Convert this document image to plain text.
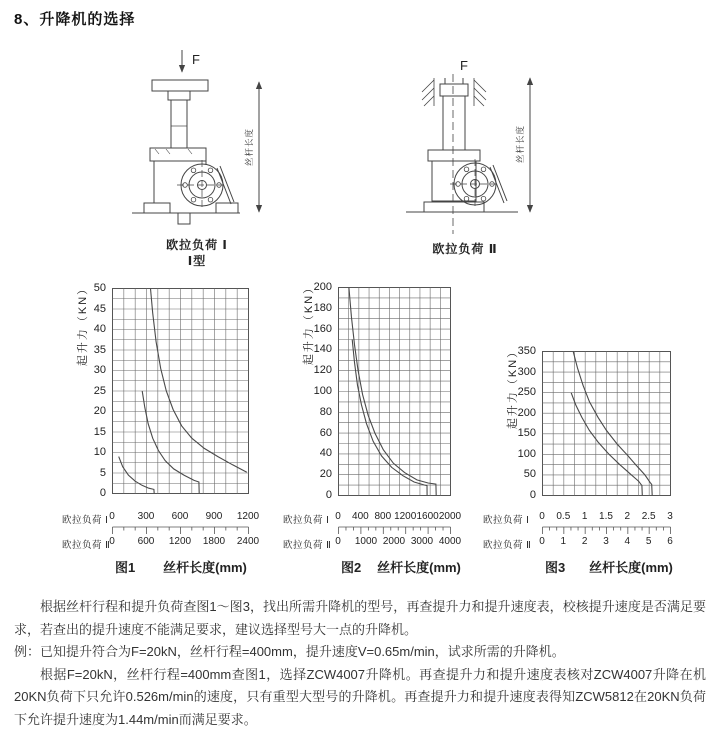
8、升降机的选择
F
丝杆长度
F
丝杆长度
欧拉负荷 Ⅰ
Ⅰ型
欧拉负荷 Ⅱ
起升力（KN）
0
5
10
15
20
25
30
35
40
45
50
欧拉负荷 Ⅰ 0	300	600	900	1200
欧拉负荷 Ⅱ
0	600	1200	1800	2400
图1	丝杆长度(mm)
起升力（KN）
0
20
40
60
80
100
120
140
160
180
200
欧拉负荷 Ⅰ 0	400 800 1200 1600 2000
欧拉负荷 Ⅱ 0	1000 2000 3000 4000
图2	丝杆长度(mm)
起升力（KN）
0
50
100
150
200
250
300
350
欧拉负荷 Ⅰ 0	0.5	1	1.5	2	2.5	3
欧拉负荷 Ⅱ 0	1	2	3	4	5	6
图3	丝杆长度(mm)

根据丝杆行程和提升负荷查图1～图3，找出所需升降机的型号，再查提升力和提升速度表，校核提升速度是否满足要求，若查出的提升速度不能满足要求，建议选择型号大一点的升降机。

例：已知提升符合为F=20kN，丝杆行程=400mm，提升速度V=0.65m/min，试求所需的升降机。

根据F=20kN，丝杆行程=400mm查图1，选择ZCW4007升降机。再查提升力和提升速度表核对ZCW4007升降在机20KN负荷下只允许0.526m/min的速度，只有重型大型号的升降机。再查提升力和提升速度表得知ZCW5812在20KN负荷下允许提升速度为1.44m/min而满足要求。
